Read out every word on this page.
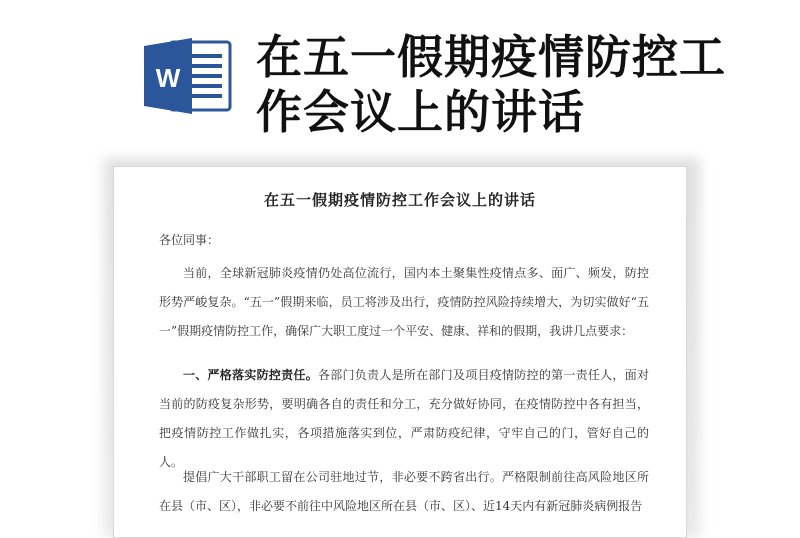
W 在五一假期疫情防控工作会议上的讲话
在五一假期疫情防控工作会议上的讲话
各位同事：

当前，全球新冠肺炎疫情仍处高位流行，国内本土聚集性疫情点多、面广、频发，防控形势严峻复杂。“五一”假期来临，员工将涉及出行，疫情防控风险持续增大，为切实做好“五一”假期疫情防控工作，确保广大职工度过一个平安、健康、祥和的假期，我讲几点要求：

一、严格落实防控责任。各部门负责人是所在部门及项目疫情防控的第一责任人，面对当前的防疫复杂形势，要明确各自的责任和分工，充分做好协同，在疫情防控中各有担当，把疫情防控工作做扎实，各项措施落实到位，严肃防疫纪律，守牢自己的门，管好自己的人。

提倡广大干部职工留在公司驻地过节，非必要不跨省出行。严格限制前往高风险地区所在县（市、区），非必要不前往中风险地区所在县（市、区）、近14天内有新冠肺炎病例报告
